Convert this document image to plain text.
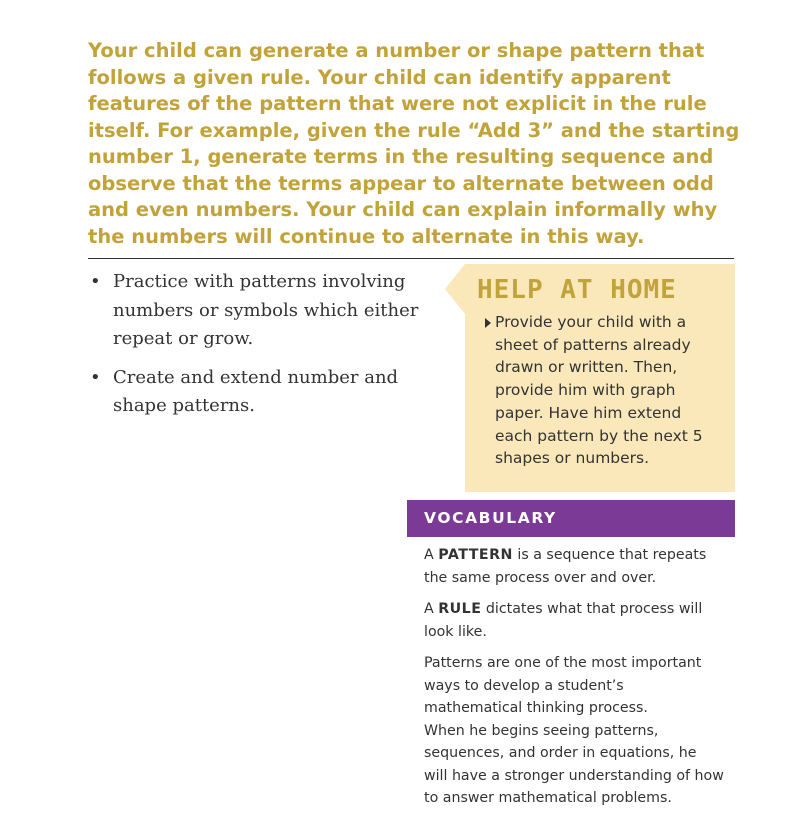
Your child can generate a number or shape pattern that follows a given rule. Your child can identify apparent features of the pattern that were not explicit in the rule itself. For example, given the rule “Add 3” and the starting number 1, generate terms in the resulting sequence and observe that the terms appear to alternate between odd and even numbers. Your child can explain informally why the numbers will continue to alternate in this way.

• Practice with patterns involving numbers or symbols which either repeat or grow.
• Create and extend number and shape patterns.
HELP AT HOME

Provide your child with a sheet of patterns already drawn or written. Then, provide him with graph paper. Have him extend each pattern by the next 5 shapes or numbers.

VOCABULARY

A PATTERN is a sequence that repeats the same process over and over.

A RULE dictates what that process will look like.

Patterns are one of the most important ways to develop a student’s mathematical thinking process.

When he begins seeing patterns, sequences, and order in equations, he will have a stronger understanding of how to answer mathematical problems.
